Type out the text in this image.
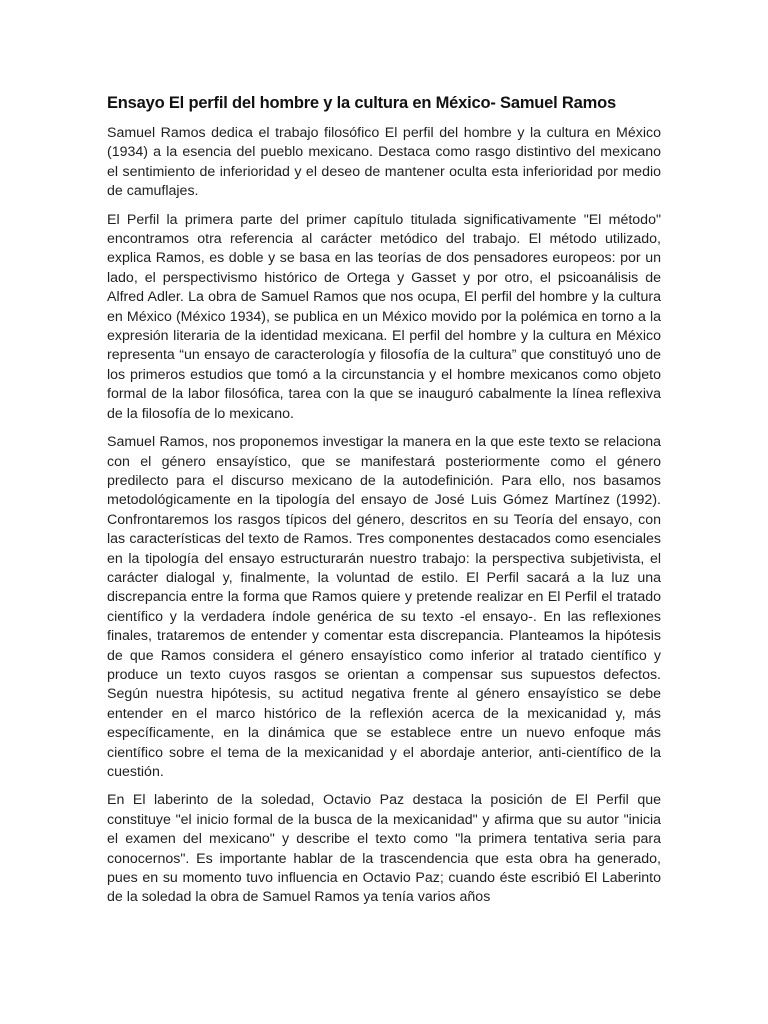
Ensayo El perfil del hombre y la cultura en México- Samuel Ramos

Samuel Ramos dedica el trabajo filosófico El perfil del hombre y la cultura en México (1934) a la esencia del pueblo mexicano. Destaca como rasgo distintivo del mexicano el sentimiento de inferioridad y el deseo de mantener oculta esta inferioridad por medio de camuflajes.

El Perfil la primera parte del primer capítulo titulada significativamente "El método" encontramos otra referencia al carácter metódico del trabajo. El método utilizado, explica Ramos, es doble y se basa en las teorías de dos pensadores europeos: por un lado, el perspectivismo histórico de Ortega y Gasset y por otro, el psicoanálisis de Alfred Adler. La obra de Samuel Ramos que nos ocupa, El perfil del hombre y la cultura en México (México 1934), se publica en un México movido por la polémica en torno a la expresión literaria de la identidad mexicana. El perfil del hombre y la cultura en México representa “un ensayo de caracterología y filosofía de la cultura” que constituyó uno de los primeros estudios que tomó a la circunstancia y el hombre mexicanos como objeto formal de la labor filosófica, tarea con la que se inauguró cabalmente la línea reflexiva de la filosofía de lo mexicano.

Samuel Ramos, nos proponemos investigar la manera en la que este texto se relaciona con el género ensayístico, que se manifestará posteriormente como el género predilecto para el discurso mexicano de la autodefinición. Para ello, nos basamos metodológicamente en la tipología del ensayo de José Luis Gómez Martínez (1992). Confrontaremos los rasgos típicos del género, descritos en su Teoría del ensayo, con las características del texto de Ramos. Tres componentes destacados como esenciales en la tipología del ensayo estructurarán nuestro trabajo: la perspectiva subjetivista, el carácter dialogal y, finalmente, la voluntad de estilo. El Perfil sacará a la luz una discrepancia entre la forma que Ramos quiere y pretende realizar en El Perfil el tratado científico y la verdadera índole genérica de su texto -el ensayo-. En las reflexiones finales, trataremos de entender y comentar esta discrepancia. Planteamos la hipótesis de que Ramos considera el género ensayístico como inferior al tratado científico y produce un texto cuyos rasgos se orientan a compensar sus supuestos defectos. Según nuestra hipótesis, su actitud negativa frente al género ensayístico se debe entender en el marco histórico de la reflexión acerca de la mexicanidad y, más específicamente, en la dinámica que se establece entre un nuevo enfoque más científico sobre el tema de la mexicanidad y el abordaje anterior, anti-científico de la cuestión.

En El laberinto de la soledad, Octavio Paz destaca la posición de El Perfil que constituye "el inicio formal de la busca de la mexicanidad" y afirma que su autor "inicia el examen del mexicano" y describe el texto como "la primera tentativa seria para conocernos". Es importante hablar de la trascendencia que esta obra ha generado, pues en su momento tuvo influencia en Octavio Paz; cuando éste escribió El Laberinto de la soledad la obra de Samuel Ramos ya tenía varios años
